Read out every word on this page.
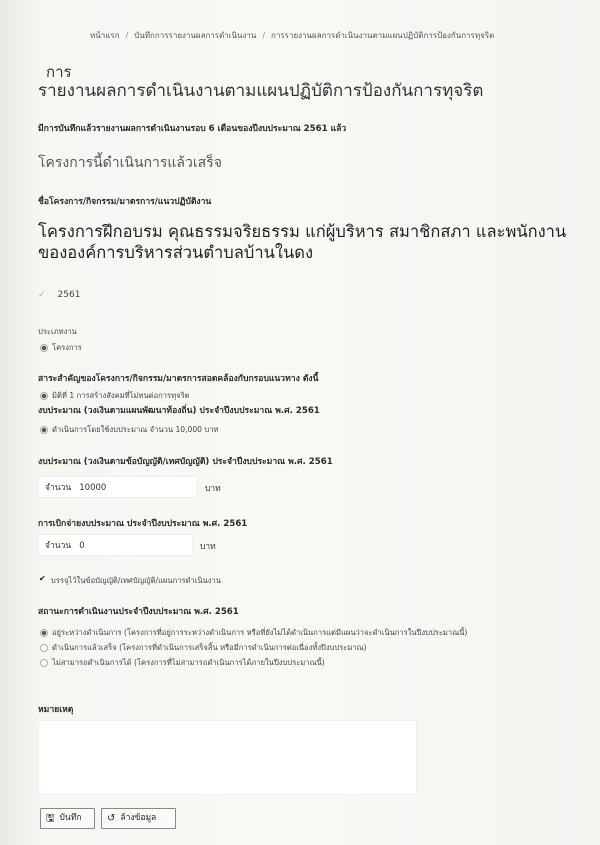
หน้าแรก / บันทึกการรายงานผลการดำเนินงาน / การรายงานผลการดำเนินงานตามแผนปฏิบัติการป้องกันการทุจริต
การ
รายงานผลการดำเนินงานตามแผนปฏิบัติการป้องกันการทุจริต
มีการบันทึกแล้วรายงานผลการดำเนินงานรอบ 6 เดือนของปีงบประมาณ 2561 แล้ว
โครงการนี้ดำเนินการแล้วเสร็จ
ชื่อโครงการ/กิจกรรม/มาตรการ/แนวปฏิบัติงาน
โครงการฝึกอบรม คุณธรรมจริยธรรม แก่ผู้บริหาร สมาชิกสภา และพนักงานขององค์การบริหารส่วนตำบลบ้านในดง
✓ 2561
ประเภทงาน
โครงการ
สาระสำคัญของโครงการ/กิจกรรม/มาตรการสอดคล้องกับกรอบแนวทาง ดังนี้
มิติที่ 1 การสร้างสังคมที่ไม่ทนต่อการทุจริต
งบประมาณ (วงเงินตามแผนพัฒนาท้องถิ่น) ประจำปีงบประมาณ พ.ศ. 2561
ดำเนินการโดยใช้งบประมาณ จำนวน 10,000 บาท
งบประมาณ (วงเงินตามข้อบัญญัติ/เทศบัญญัติ) ประจำปีงบประมาณ พ.ศ. 2561
จำนวน 10000	บาท
การเบิกจ่ายงบประมาณ ประจำปีงบประมาณ พ.ศ. 2561
จำนวน 0	บาท
✔บรรจุไว้ในข้อบัญญัติ/เทศบัญญัติ/แผนการดำเนินงาน
สถานะการดำเนินงานประจำปีงบประมาณ พ.ศ. 2561
อยู่ระหว่างดำเนินการ (โครงการที่อยู่การระหว่างดำเนินการ หรือที่ยังไม่ได้ดำเนินการแต่มีแผนว่าจะดำเนินการในปีงบประมาณนี้)
ดำเนินการแล้วเสร็จ (โครงการที่ดำเนินการเสร็จสิ้น หรือมีการดำเนินการต่อเนื่องทั้งปีงบประมาณ)
ไม่สามารถดำเนินการได้ (โครงการที่ไม่สามารถดำเนินการได้ภายในปีงบประมาณนี้)
หมายเหตุ
🖫 บันทึก	↺ ล้างข้อมูล
